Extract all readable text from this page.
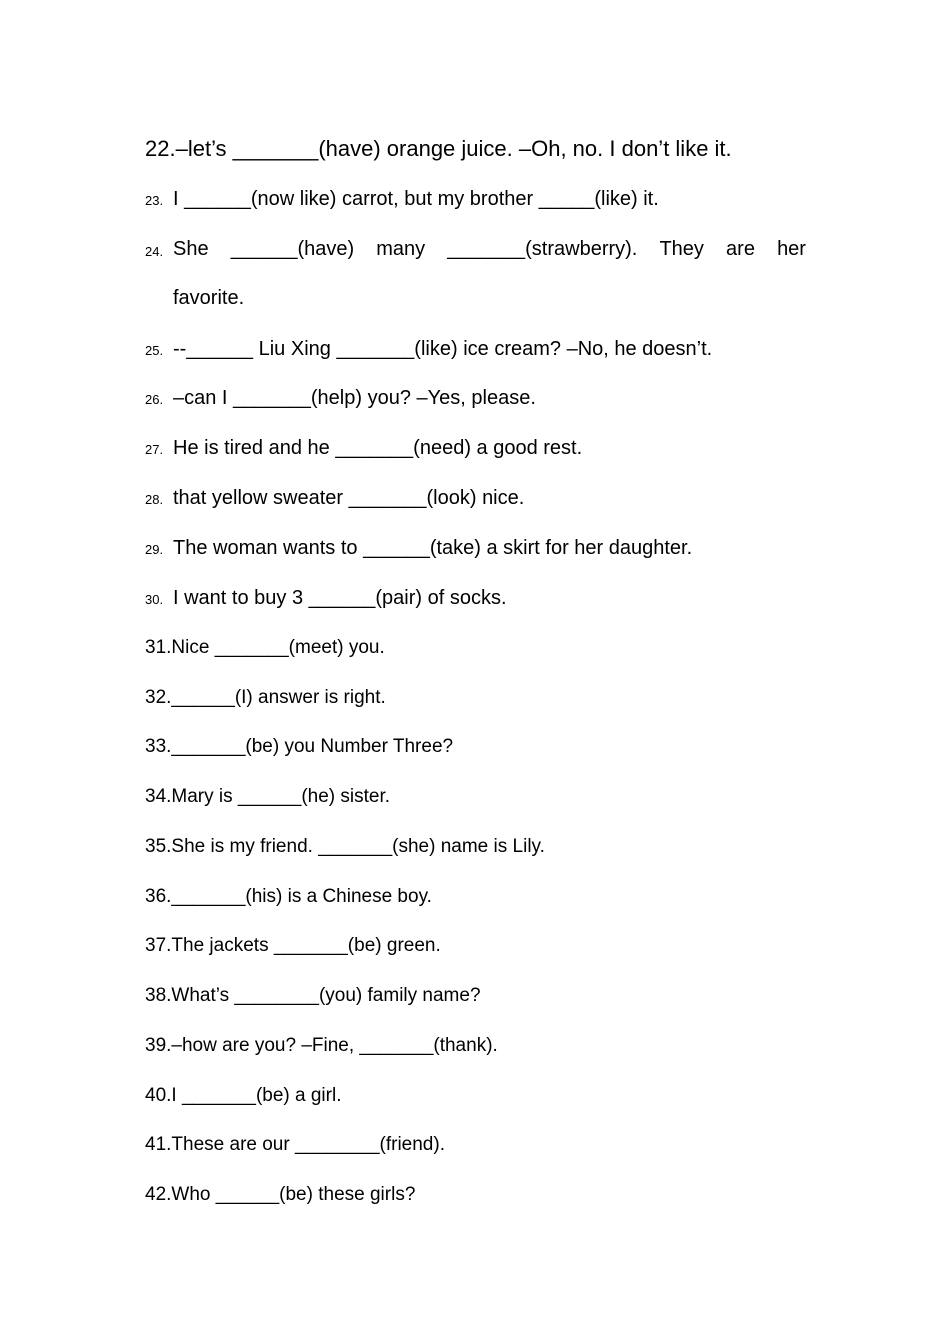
22.–let’s _______(have) orange juice. –Oh, no. I don’t like it.
23. I ______(now like) carrot, but my brother _____(like) it.
24. She ______(have) many _______(strawberry). They are her
favorite.
25. --______ Liu Xing _______(like) ice cream? –No, he doesn’t.
26. –can I _______(help) you? –Yes, please.
27. He is tired and he _______(need) a good rest.
28. that yellow sweater _______(look) nice.
29. The woman wants to ______(take) a skirt for her daughter.
30. I want to buy 3 ______(pair) of socks.
31.Nice _______(meet) you.
32.______(I) answer is right.
33._______(be) you Number Three?
34.Mary is ______(he) sister.
35.She is my friend. _______(she) name is Lily.
36._______(his) is a Chinese boy.
37.The jackets _______(be) green.
38.What’s ________(you) family name?
39.–how are you? –Fine, _______(thank).
40.I _______(be) a girl.
41.These are our ________(friend).
42.Who ______(be) these girls?
